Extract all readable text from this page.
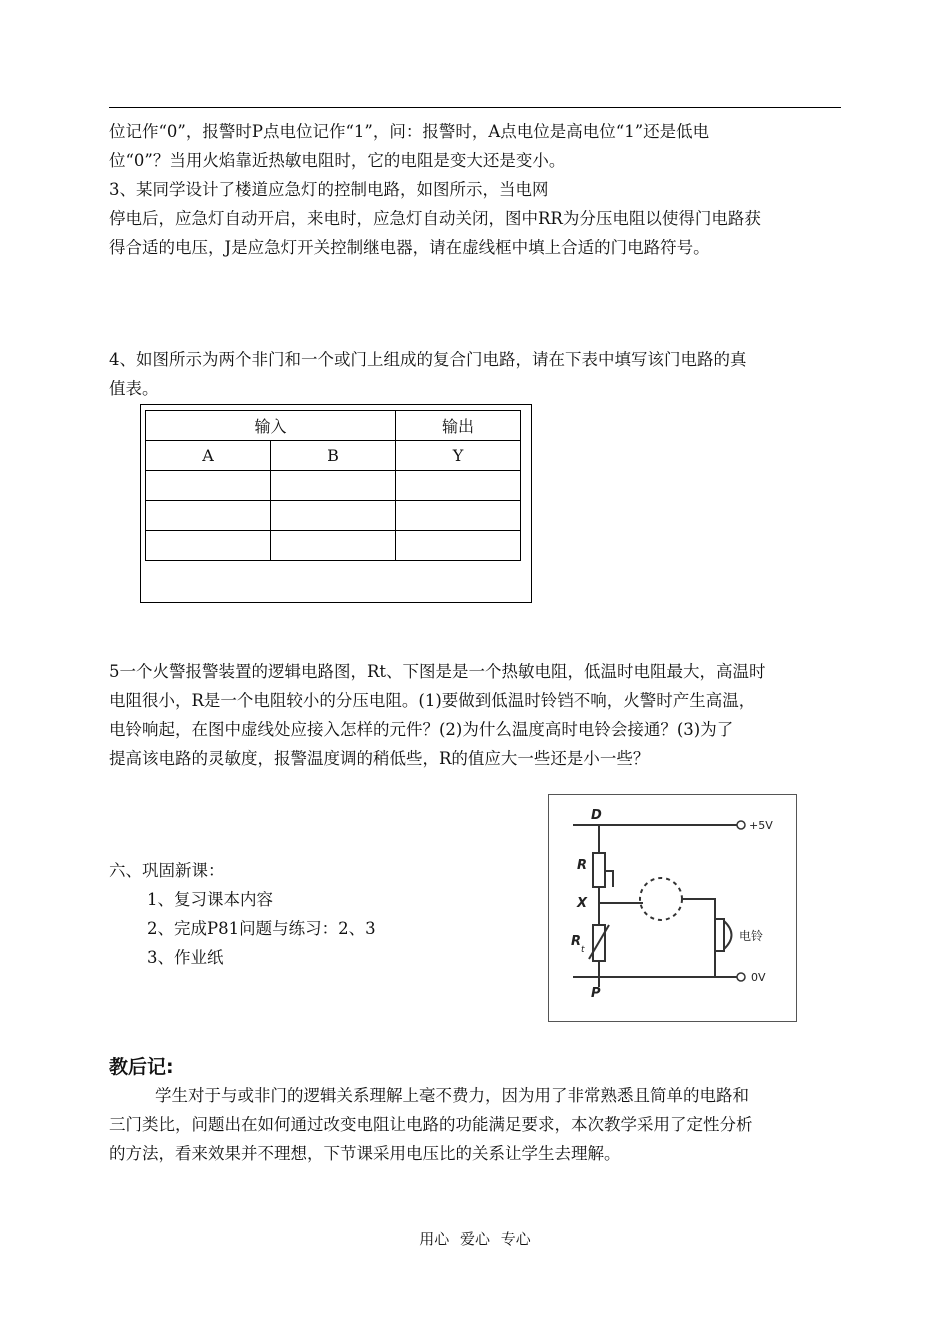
位记作“0”，报警时P点电位记作“1”，问：报警时，A点电位是高电位“1”还是低电
位“0”？当用火焰靠近热敏电阻时，它的电阻是变大还是变小。

3、某同学设计了楼道应急灯的控制电路，如图所示，当电网
停电后，应急灯自动开启，来电时，应急灯自动关闭，图中RR为分压电阻以使得门电路获
得合适的电压，J是应急灯开关控制继电器，请在虚线框中填上合适的门电路符号。

4、如图所示为两个非门和一个或门上组成的复合门电路，请在下表中填写该门电路的真
值表。

输入		输出
A	B	Y

5一个火警报警装置的逻辑电路图，Rt、下图是是一个热敏电阻，低温时电阻最大，高温时
电阻很小，R是一个电阻较小的分压电阻。(1)要做到低温时铃铛不响，火警时产生高温，
电铃响起，在图中虚线处应接入怎样的元件？(2)为什么温度高时电铃会接通？(3)为了
提高该电路的灵敏度，报警温度调的稍低些，R的值应大一些还是小一些？

六、巩固新课：
1、复习课本内容
2、完成P81问题与练习：2、3
3、作业纸
D
R
X
R
P
t
+5V
0V
电铃

教后记:

学生对于与或非门的逻辑关系理解上毫不费力，因为用了非常熟悉且简单的电路和
三门类比，问题出在如何通过改变电阻让电路的功能满足要求，本次教学采用了定性分析
的方法，看来效果并不理想，下节课采用电压比的关系让学生去理解。

用心 爱心 专心
